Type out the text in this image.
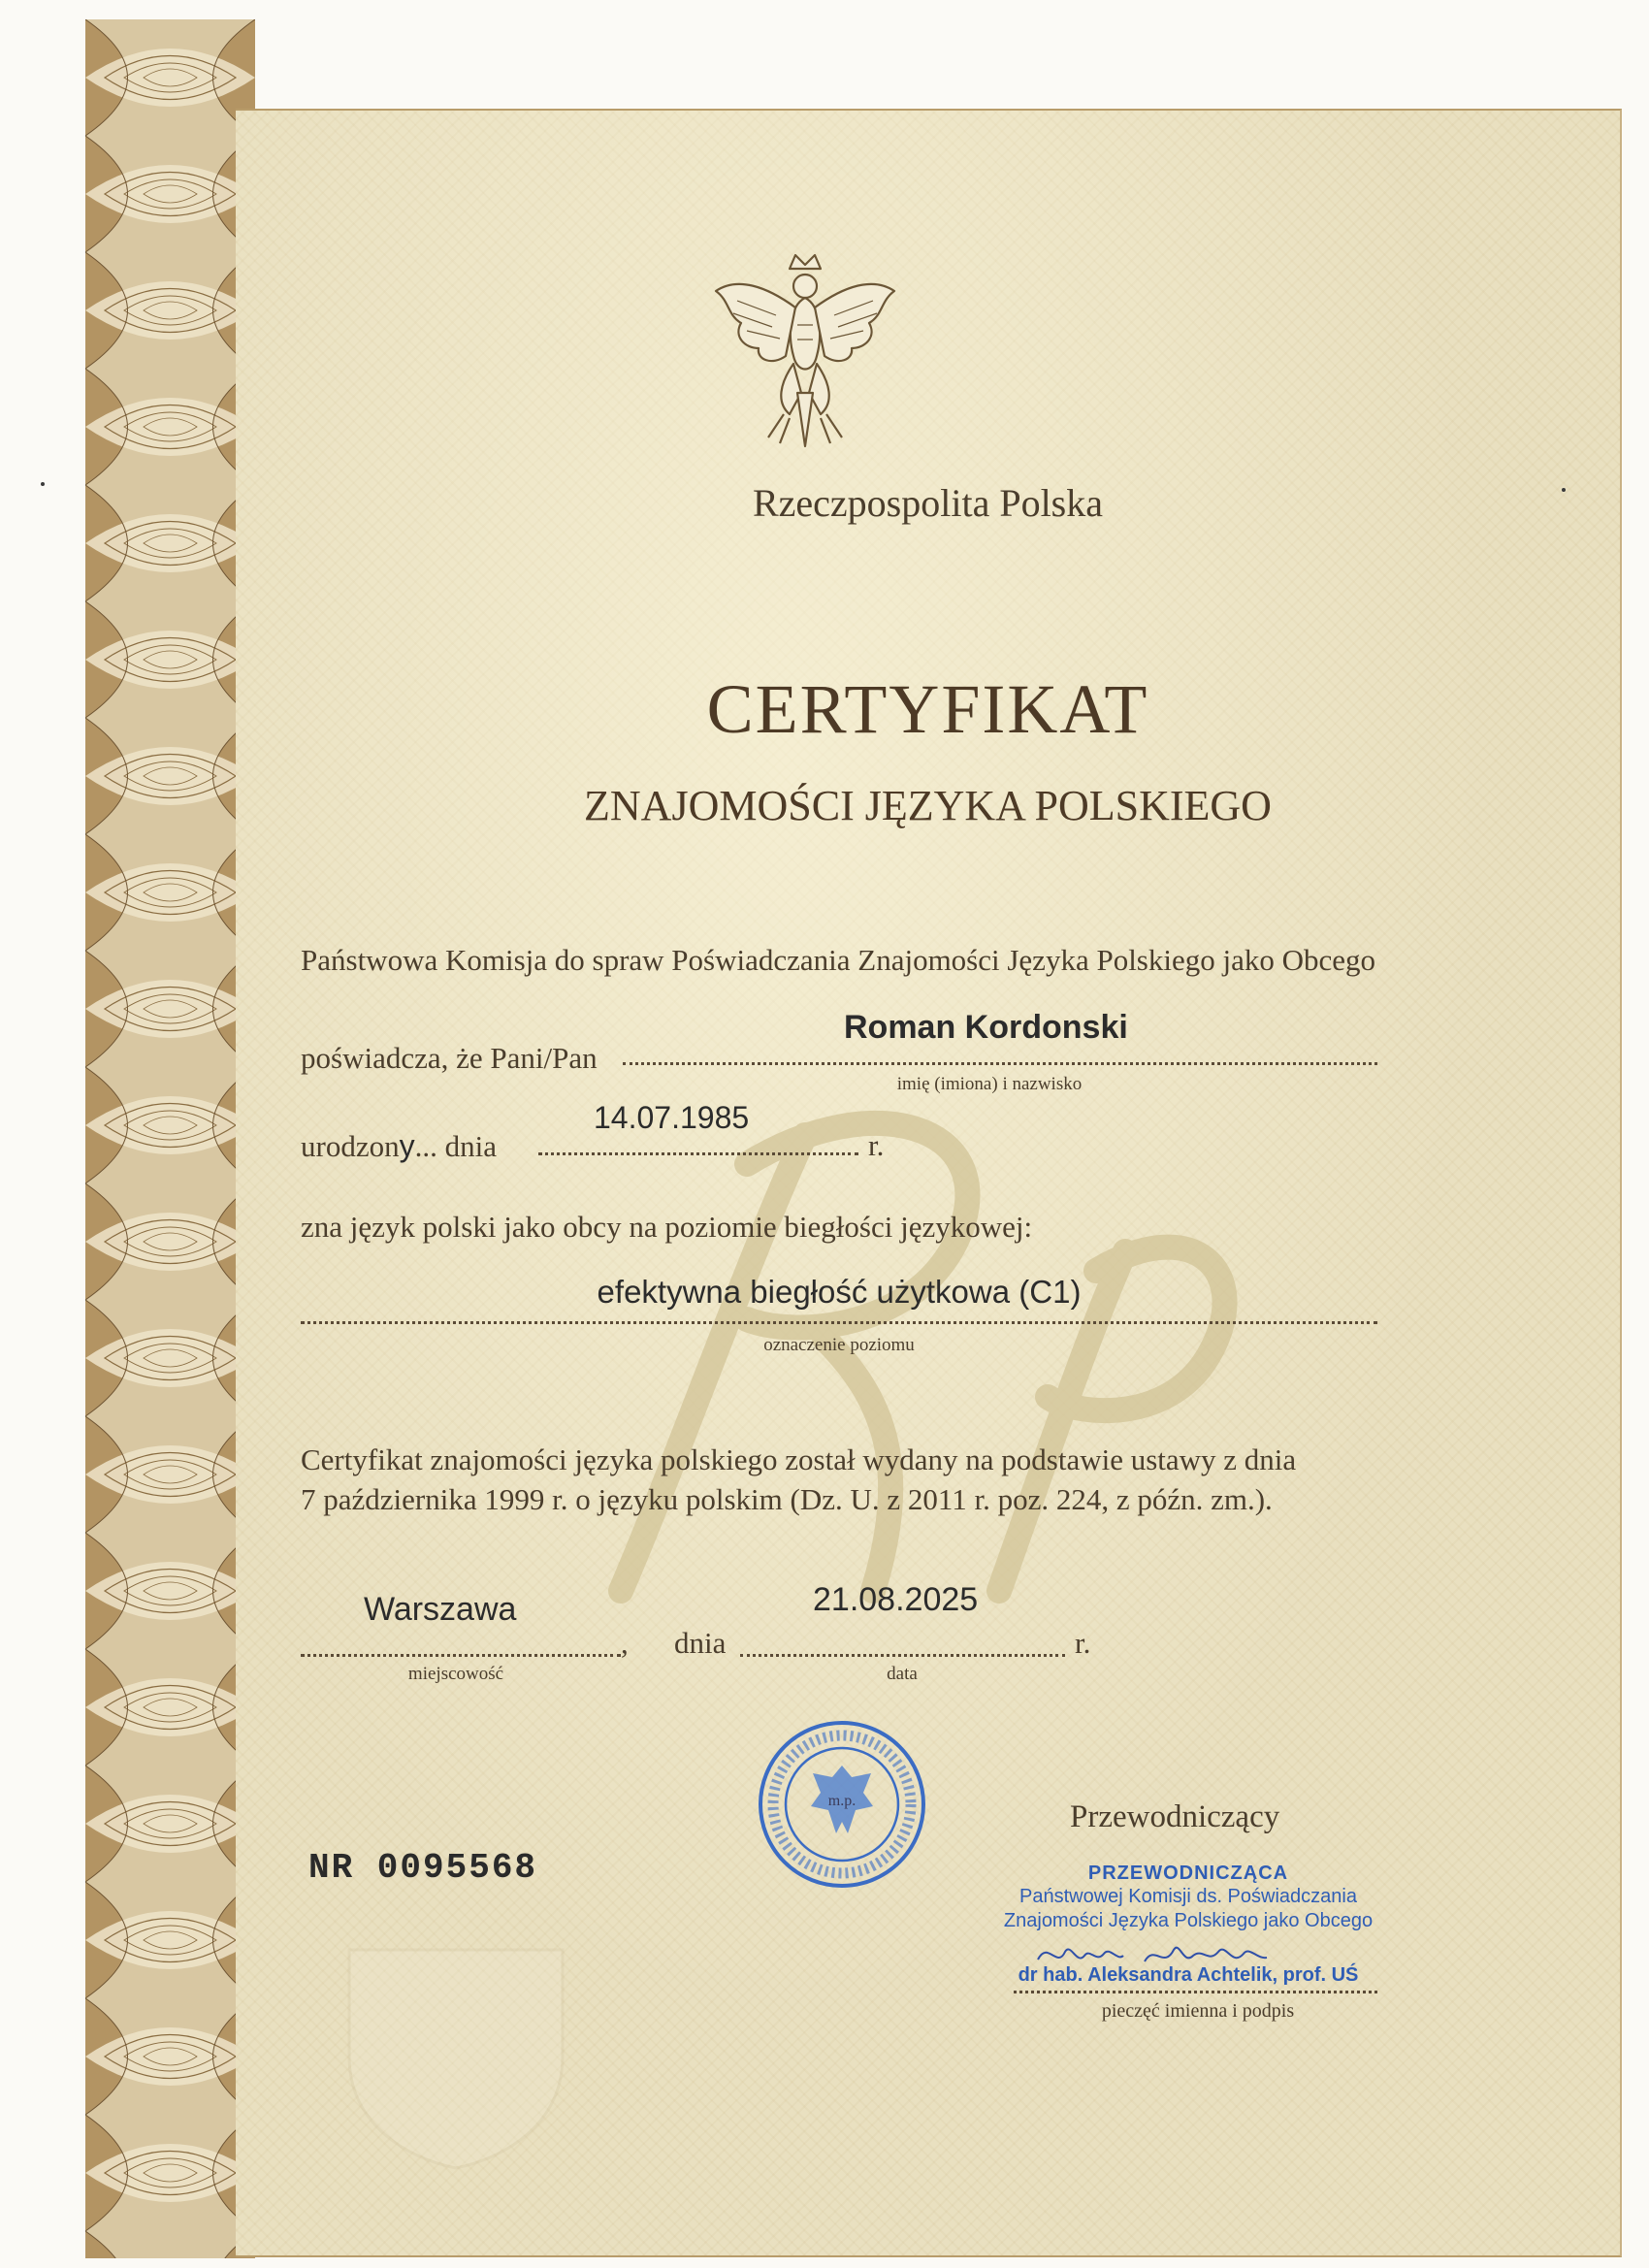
Rzeczpospolita Polska
CERTYFIKAT
ZNAJOMOŚCI JĘZYKA POLSKIEGO
Państwowa Komisja do spraw Poświadczania Znajomości Języka Polskiego jako Obcego
poświadcza, że Pani/Pan
Roman Kordonski
imię (imiona) i nazwisko
urodzony... dnia
14.07.1985
r.
zna język polski jako obcy na poziomie biegłości językowej:
efektywna biegłość użytkowa (C1)
oznaczenie poziomu
Certyfikat znajomości języka polskiego został wydany na podstawie ustawy z dnia
7 października 1999 r. o języku polskim (Dz. U. z 2011 r. poz. 224, z późn. zm.).
Warszawa
,
miejscowość
dnia
21.08.2025
r.
data
m.p.
NR 0095568
Przewodniczący
PRZEWODNICZĄCA
Państwowej Komisji ds. Poświadczania
Znajomości Języka Polskiego jako Obcego
dr hab. Aleksandra Achtelik, prof. UŚ
pieczęć imienna i podpis
